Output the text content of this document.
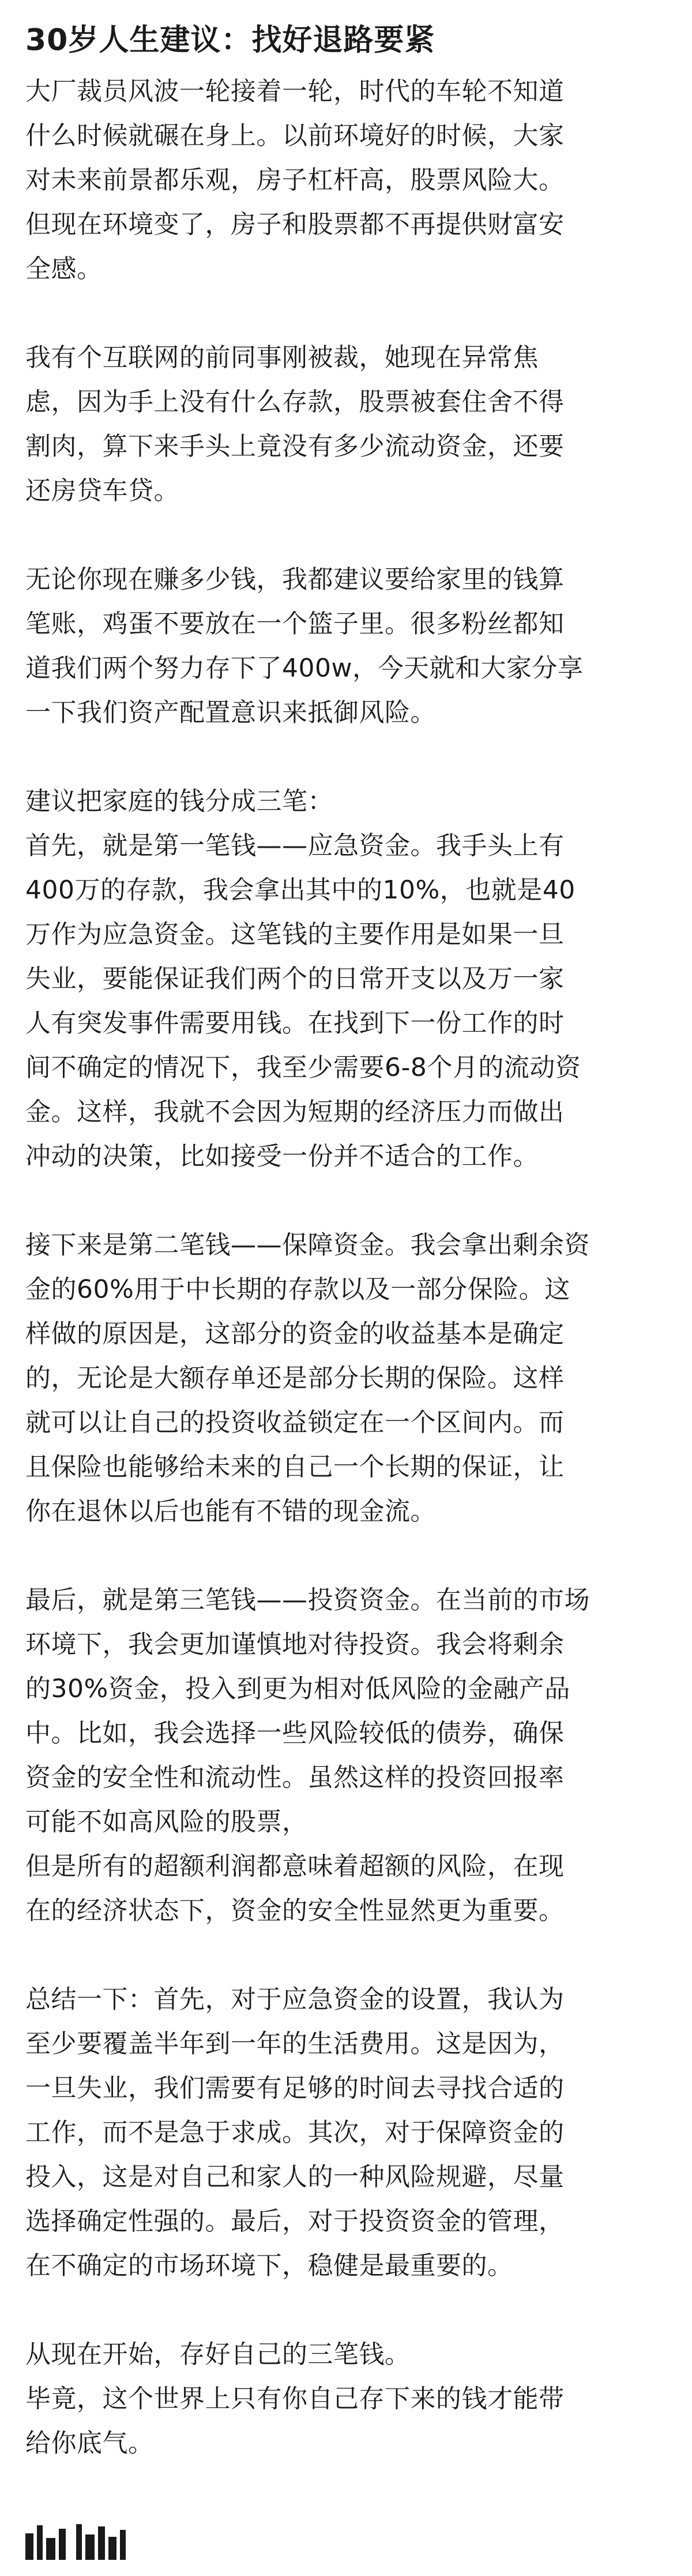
30岁人生建议：找好退路要紧
大厂裁员风波一轮接着一轮，时代的车轮不知道
什么时候就碾在身上。以前环境好的时候，大家
对未来前景都乐观，房子杠杆高，股票风险大。
但现在环境变了，房子和股票都不再提供财富安
全感。
我有个互联网的前同事刚被裁，她现在异常焦
虑，因为手上没有什么存款，股票被套住舍不得
割肉，算下来手头上竟没有多少流动资金，还要
还房贷车贷。
无论你现在赚多少钱，我都建议要给家里的钱算
笔账，鸡蛋不要放在一个篮子里。很多粉丝都知
道我们两个努力存下了400w，今天就和大家分享
一下我们资产配置意识来抵御风险。
建议把家庭的钱分成三笔：
首先，就是第一笔钱——应急资金。我手头上有
400万的存款，我会拿出其中的10%，也就是40
万作为应急资金。这笔钱的主要作用是如果一旦
失业，要能保证我们两个的日常开支以及万一家
人有突发事件需要用钱。在找到下一份工作的时
间不确定的情况下，我至少需要6-8个月的流动资
金。这样，我就不会因为短期的经济压力而做出
冲动的决策，比如接受一份并不适合的工作。
接下来是第二笔钱——保障资金。我会拿出剩余资
金的60%用于中长期的存款以及一部分保险。这
样做的原因是，这部分的资金的收益基本是确定
的，无论是大额存单还是部分长期的保险。这样
就可以让自己的投资收益锁定在一个区间内。而
且保险也能够给未来的自己一个长期的保证，让
你在退休以后也能有不错的现金流。
最后，就是第三笔钱——投资资金。在当前的市场
环境下，我会更加谨慎地对待投资。我会将剩余
的30%资金，投入到更为相对低风险的金融产品
中。比如，我会选择一些风险较低的债券，确保
资金的安全性和流动性。虽然这样的投资回报率
可能不如高风险的股票，
但是所有的超额利润都意味着超额的风险，在现
在的经济状态下，资金的安全性显然更为重要。
总结一下：首先，对于应急资金的设置，我认为
至少要覆盖半年到一年的生活费用。这是因为，
一旦失业，我们需要有足够的时间去寻找合适的
工作，而不是急于求成。其次，对于保障资金的
投入，这是对自己和家人的一种风险规避，尽量
选择确定性强的。最后，对于投资资金的管理，
在不确定的市场环境下，稳健是最重要的。
从现在开始，存好自己的三笔钱。
毕竟，这个世界上只有你自己存下来的钱才能带
给你底气。
